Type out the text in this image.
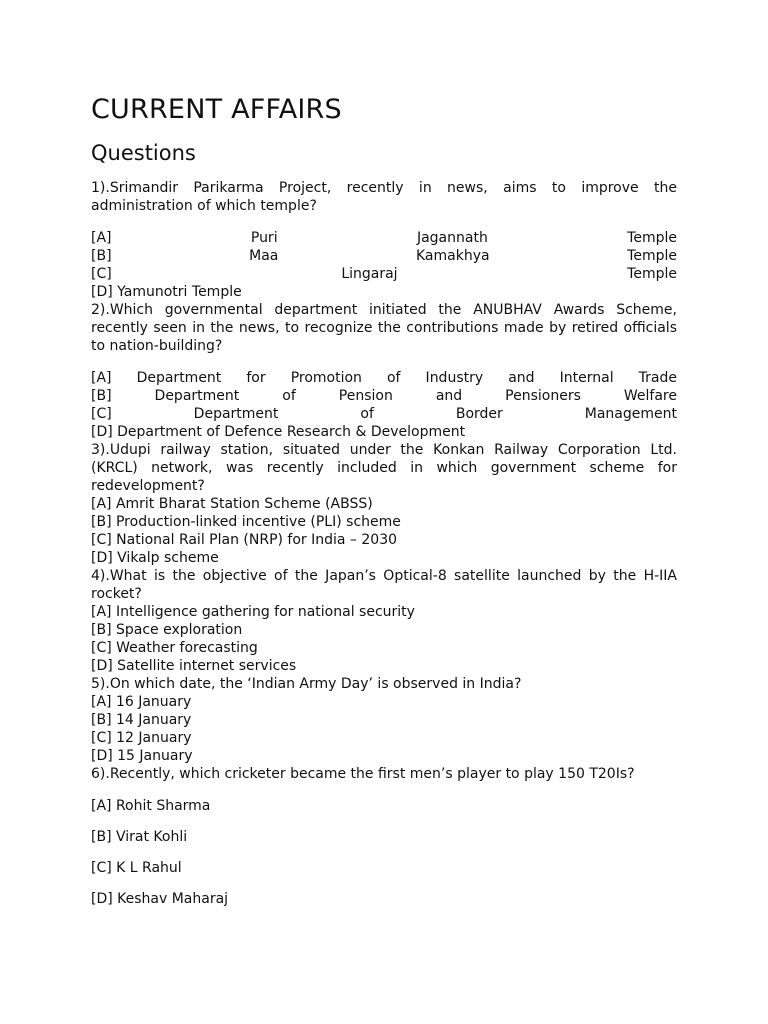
CURRENT AFFAIRS
Questions

1).Srimandir Parikarma Project, recently in news, aims to improve the administration of which temple?

[A] Puri Jagannath Temple
[B] Maa Kamakhya Temple
[C] Lingaraj Temple
[D] Yamunotri Temple

2).Which governmental department initiated the ANUBHAV Awards Scheme, recently seen in the news, to recognize the contributions made by retired officials to nation-building?

[A] Department for Promotion of Industry and Internal Trade
[B] Department of Pension and Pensioners Welfare
[C] Department of Border Management
[D] Department of Defence Research & Development

3).Udupi railway station, situated under the Konkan Railway Corporation Ltd. (KRCL) network, was recently included in which government scheme for redevelopment?

[A] Amrit Bharat Station Scheme (ABSS)
[B] Production-linked incentive (PLI) scheme
[C] National Rail Plan (NRP) for India – 2030
[D] Vikalp scheme

4).What is the objective of the Japan’s Optical-8 satellite launched by the H-IIA rocket?

[A] Intelligence gathering for national security
[B] Space exploration
[C] Weather forecasting
[D] Satellite internet services

5).On which date, the ‘Indian Army Day’ is observed in India?

[A] 16 January
[B] 14 January
[C] 12 January
[D] 15 January

6).Recently, which cricketer became the first men’s player to play 150 T20Is?

[A] Rohit Sharma
[B] Virat Kohli
[C] K L Rahul
[D] Keshav Maharaj
